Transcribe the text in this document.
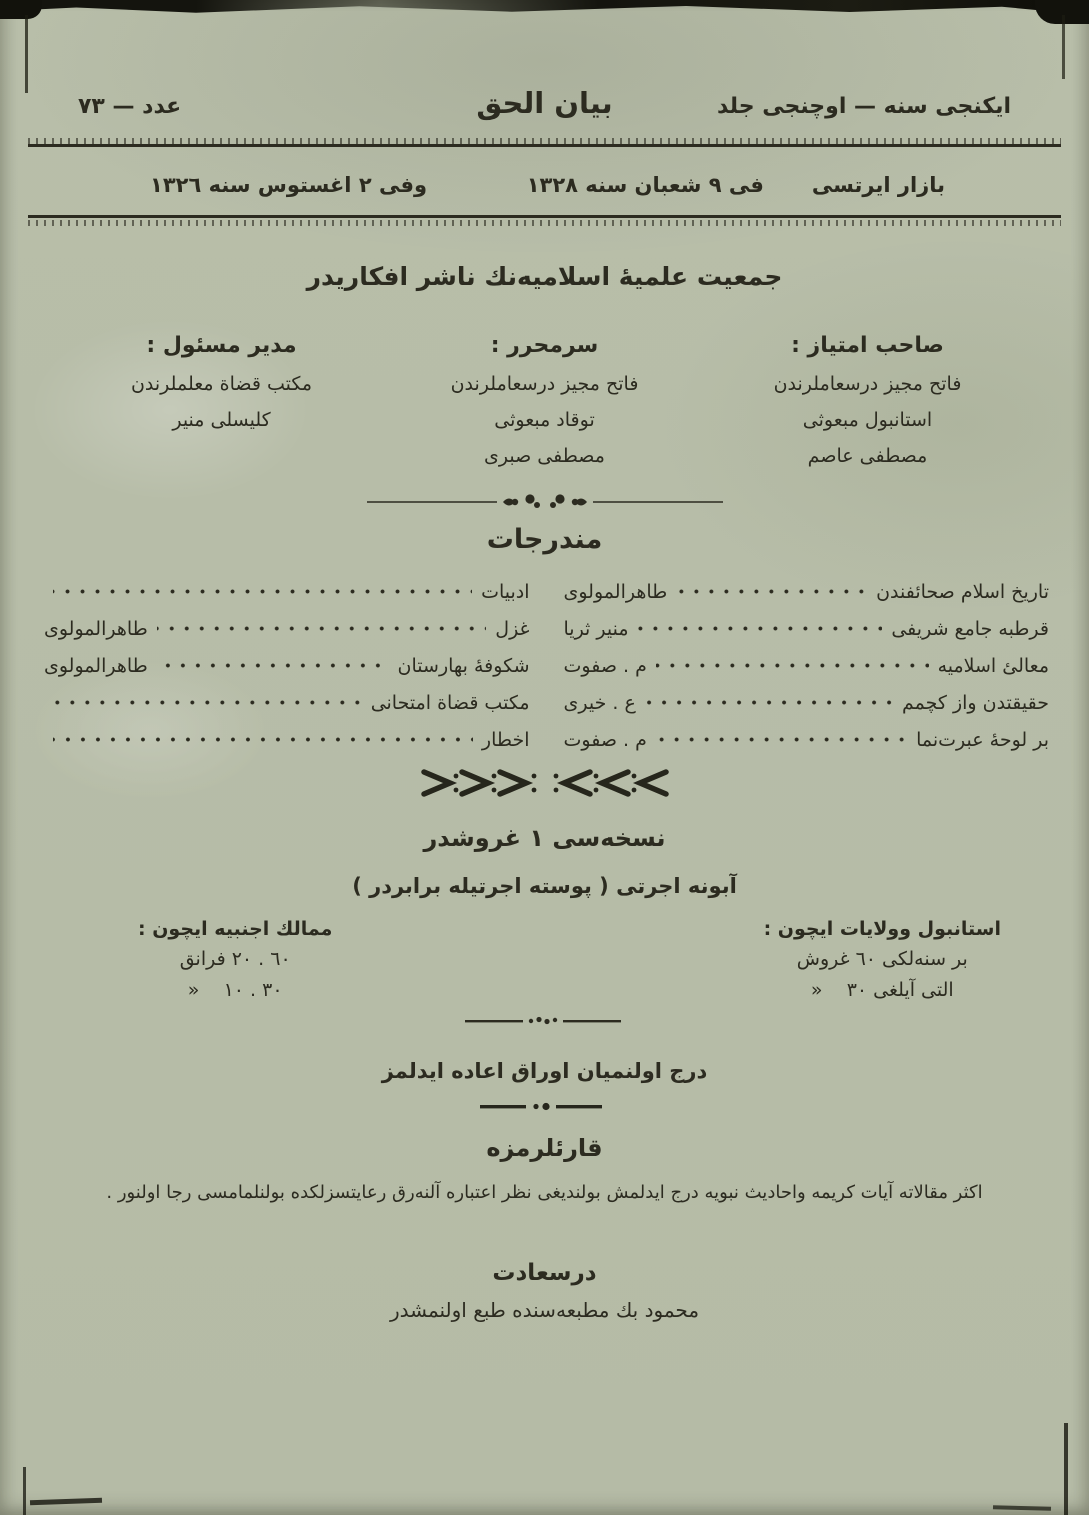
ايكنجى سنه — اوچنجى جلد
بيان الحق
عدد — ٧٣
بازار ايرتسى
فى ٩ شعبان سنه ١٣٢٨
وفى ٢ اغستوس سنه ١٣٢٦

جمعيت علميهٔ اسلاميه‌نك ناشر افكاريدر

صاحب امتياز :

فاتح مجيز درسعاملرندن

استانبول مبعوثى

مصطفى عاصم

سرمحرر :

فاتح مجيز درسعاملرندن

توقاد مبعوثى

مصطفى صبرى

مدير مسئول :

مكتب قضاة معلملرندن

كليسلى منير

مندرجات
تاريخ اسلام صحائفندن
طاهرالمولوى
قرطبه جامع شريفى
منير ثريا
معالئ اسلاميه
م . صفوت
حقيقتدن واز كچمم
ع . خيرى
بر لوحهٔ عبرت‌نما
م . صفوت
ادبيات
غزل
طاهرالمولوى
شكوفهٔ بهارستان
طاهرالمولوى
مكتب قضاة امتحانى
اخطار

نسخه‌سى ١ غروشدر

آبونه اجرتى ( پوسته اجرتيله برابردر )

استانبول وولايات ايچون :

بر سنه‌لكى ٦٠ غروش

التى آيلغى ٣٠    «

ممالك اجنبيه ايچون :

٦٠ . ٢٠ فرانق

٣٠ . ١٠    «

درج اولنميان اوراق اعاده ايدلمز

قارئلرمزه

اكثر مقالاته آيات كريمه واحاديث نبويه درج ايدلمش بولنديغى نظر اعتباره آلنه‌رق رعايتسزلكده بولنلمامسى رجا اولنور .

درسعادت

محمود بك مطبعه‌سنده طبع اولنمشدر
